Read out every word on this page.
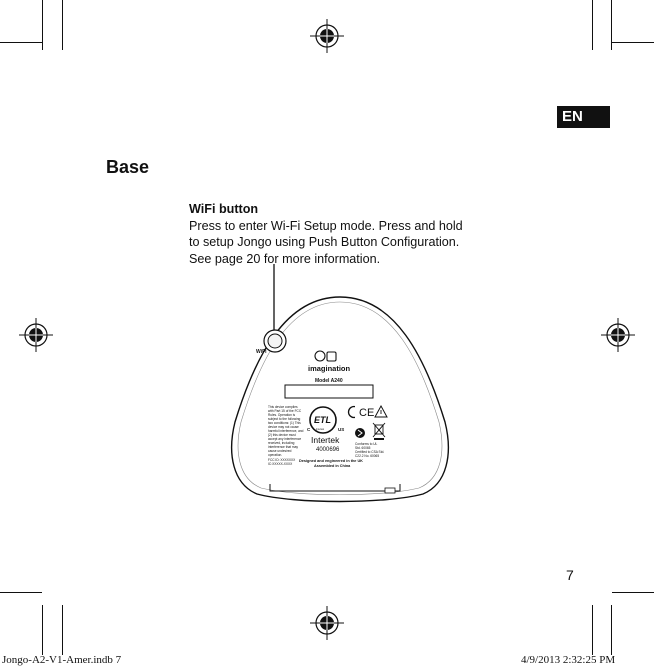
EN
Base
WiFi button
Press to enter Wi-Fi Setup mode. Press and hold
to setup Jongo using Push Button Configuration.
See page 20 for more information.
WiFi
imagination
Model A240
This device complies
with Part 15 of the FCC
Rules. Operation is
subject to the following
two conditions: (1) This
device may not cause
harmful interference, and
(2) this device must
accept any interference
received, including
interference that may
cause undesired
operation.
FCC ID: XXXXXXX
IC:XXXXX-XXXX
ETL
Intertek
C	US
Intertek
4000696
CE
Conforms to UL
Std. 60065
Certified to CSA Std.
C22.2 No. 60065
Designed and engineered in the UK
Assembled in China
7
Jongo-A2-V1-Amer.indb 7	4/9/2013 2:32:25 PM
